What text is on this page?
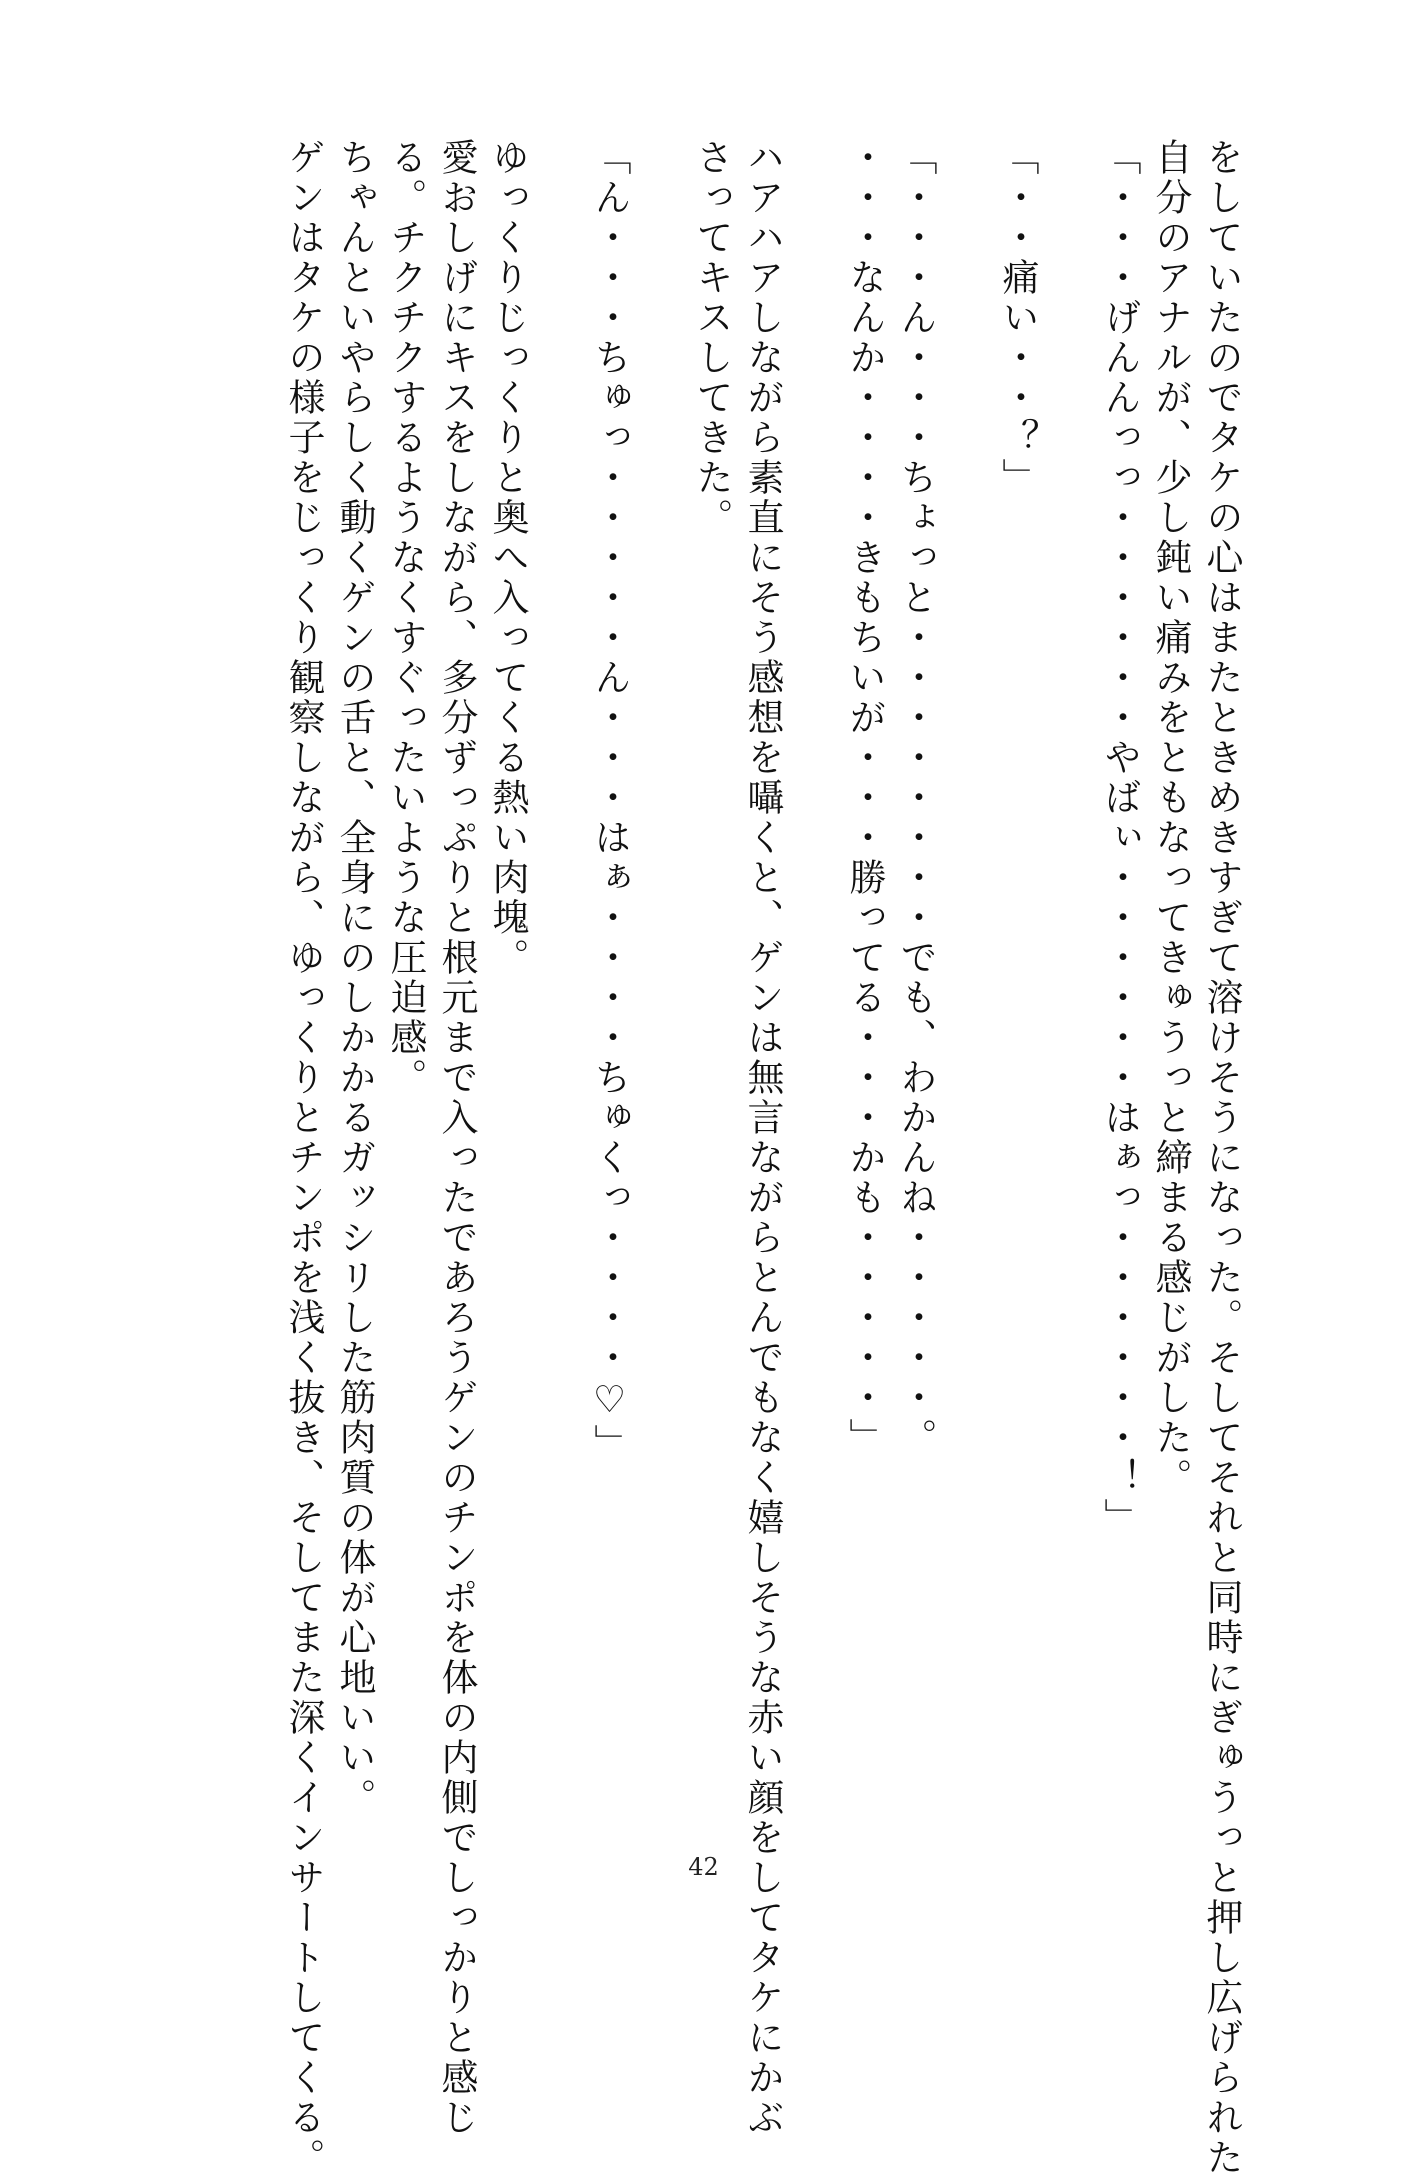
をしていたのでタケの心はまたときめきすぎて溶けそうになった。そしてそれと同時にぎゅうっと押し広げられた
自分のアナルが、少し鈍い痛みをともなってきゅうっと締まる感じがした。
「・・・げんんっっ・・・・・・やばぃ・・・・・・はぁっ・・・・・・！」
「・・痛い・・？」
「・・・ん・・・ちょっと・・・・・・・・でも、わかんね・・・・・。
・・・なんか・・・・きもちいが・・・勝ってる・・・かも・・・・・」
ハアハアしながら素直にそう感想を囁くと、ゲンは無言ながらとんでもなく嬉しそうな赤い顔をしてタケにかぶ
さってキスしてきた。
「ん・・・ちゅっ・・・・・ん・・・はぁ・・・・ちゅくっ・・・・♡」
ゆっくりじっくりと奥へ入ってくる熱い肉塊。
愛おしげにキスをしながら、多分ずっぷりと根元まで入ったであろうゲンのチンポを体の内側でしっかりと感じ
る。チクチクするようなくすぐったいような圧迫感。
ちゃんといやらしく動くゲンの舌と、全身にのしかかるガッシリした筋肉質の体が心地いい。
ゲンはタケの様子をじっくり観察しながら、ゆっくりとチンポを浅く抜き、そしてまた深くインサートしてくる。	42
